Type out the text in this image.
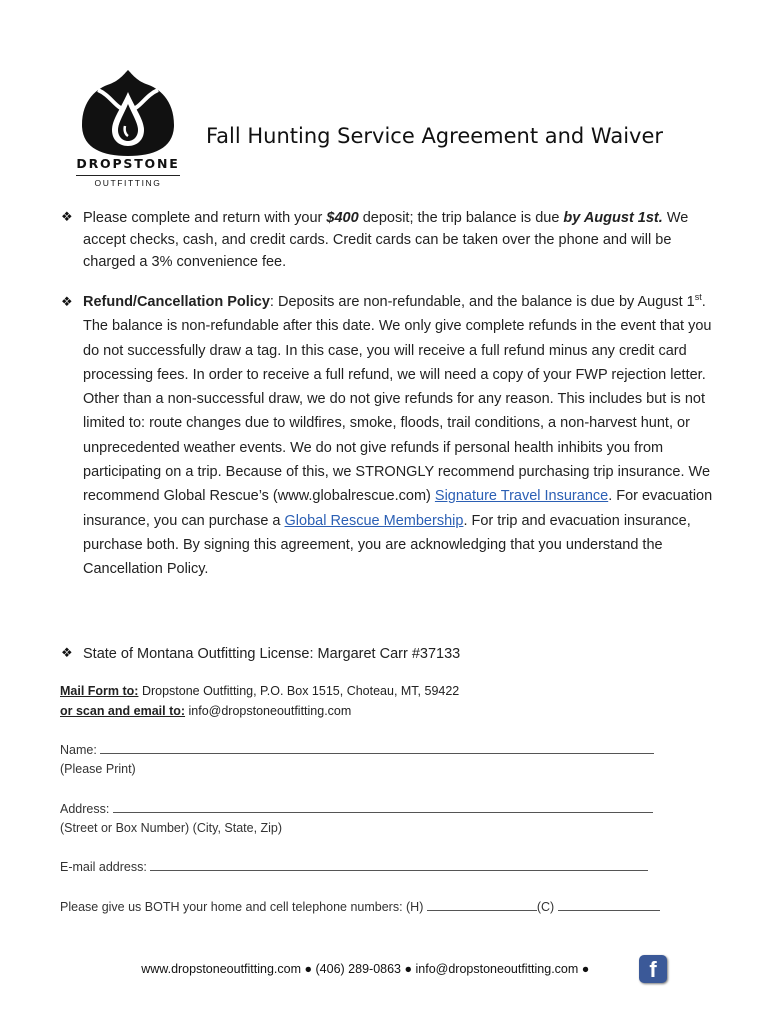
DROPSTONE
OUTFITTING
Fall Hunting Service Agreement and Waiver
❖ Please complete and return with your $400 deposit; the trip balance is due by August 1st. We accept checks, cash, and credit cards. Credit cards can be taken over the phone and will be charged a 3% convenience fee.
❖ Refund/Cancellation Policy: Deposits are non-refundable, and the balance is due by August 1st. The balance is non-refundable after this date. We only give complete refunds in the event that you do not successfully draw a tag. In this case, you will receive a full refund minus any credit card processing fees. In order to receive a full refund, we will need a copy of your FWP rejection letter. Other than a non-successful draw, we do not give refunds for any reason. This includes but is not limited to: route changes due to wildfires, smoke, floods, trail conditions, a non-harvest hunt, or unprecedented weather events. We do not give refunds if personal health inhibits you from participating on a trip. Because of this, we STRONGLY recommend purchasing trip insurance. We recommend Global Rescue’s (www.globalrescue.com) Signature Travel Insurance. For evacuation insurance, you can purchase a Global Rescue Membership. For trip and evacuation insurance, purchase both. By signing this agreement, you are acknowledging that you understand the Cancellation Policy.
❖ State of Montana Outfitting License: Margaret Carr #37133
Mail Form to: Dropstone Outfitting, P.O. Box 1515, Choteau, MT, 59422
or scan and email to: info@dropstoneoutfitting.com
Name:
(Please Print)
Address:
(Street or Box Number) (City, State, Zip)
E-mail address:
Please give us BOTH your home and cell telephone numbers: (H)	(C)
www.dropstoneoutfitting.com ● (406) 289-0863 ● info@dropstoneoutfitting.com ●	f
